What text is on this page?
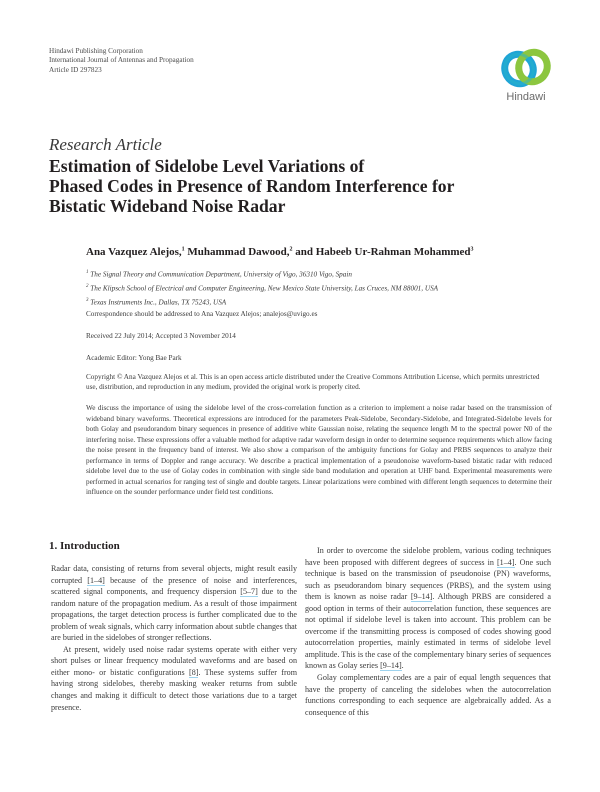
Hindawi Publishing Corporation
International Journal of Antennas and Propagation
Article ID 297823
Hindawi
Research Article
Estimation of Sidelobe Level Variations of
Phased Codes in Presence of Random Interference for
Bistatic Wideband Noise Radar
Ana Vazquez Alejos,$^1$ Muhammad Dawood,$^2$ and Habeeb Ur-Rahman Mohammed$^3$
$^1$ The Signal Theory and Communication Department, University of Vigo, 36310 Vigo, Spain
$^2$ The Klipsch School of Electrical and Computer Engineering, New Mexico State University, Las Cruces, NM 88001, USA
$^3$ Texas Instruments Inc., Dallas, TX 75243, USA
Correspondence should be addressed to Ana Vazquez Alejos; analejos@uvigo.es
Received 22 July 2014; Accepted 3 November 2014
Academic Editor: Yong Bae Park
Copyright © Ana Vazquez Alejos et al. This is an open access article distributed under the Creative Commons Attribution License, which permits unrestricted use, distribution, and reproduction in any medium, provided the original work is properly cited.
We discuss the importance of using the sidelobe level of the cross-correlation function as a criterion to implement a noise radar based on the transmission of wideband binary waveforms. Theoretical expressions are introduced for the parameters Peak-Sidelobe, Secondary-Sidelobe, and Integrated-Sidelobe levels for both Golay and pseudorandom binary sequences in presence of additive white Gaussian noise, relating the sequence length M to the spectral power N0 of the interfering noise. These expressions offer a valuable method for adaptive radar waveform design in order to determine sequence requirements which allow facing the noise present in the frequency band of interest. We also show a comparison of the ambiguity functions for Golay and PRBS sequences to analyze their performance in terms of Doppler and range accuracy. We describe a practical implementation of a pseudonoise waveform-based bistatic radar with reduced sidelobe level due to the use of Golay codes in combination with single side band modulation and operation at UHF band. Experimental measurements were performed in actual scenarios for ranging test of single and double targets. Linear polarizations were combined with different length sequences to determine their influence on the sounder performance under field test conditions.
1. Introduction

Radar data, consisting of returns from several objects, might result easily corrupted [1–4] because of the presence of noise and interferences, scattered signal components, and frequency dispersion [5–7] due to the random nature of the propagation medium. As a result of those impairment propagations, the target detection process is further complicated due to the problem of weak signals, which carry information about subtle changes that are buried in the sidelobes of stronger reflections.

At present, widely used noise radar systems operate with either very short pulses or linear frequency modulated waveforms and are based on either mono- or bistatic configurations [8]. These systems suffer from having strong sidelobes, thereby masking weaker returns from subtle changes and making it difficult to detect those variations due to a target presence.

In order to overcome the sidelobe problem, various coding techniques have been proposed with different degrees of success in [1–4]. One such technique is based on the transmission of pseudonoise (PN) waveforms, such as pseudorandom binary sequences (PRBS), and the system using them is known as noise radar [9–14]. Although PRBS are considered a good option in terms of their autocorrelation function, these sequences are not optimal if sidelobe level is taken into account. This problem can be overcome if the transmitting process is composed of codes showing good autocorrelation properties, mainly estimated in terms of sidelobe level amplitude. This is the case of the complementary binary series of sequences known as Golay series [9–14].

Golay complementary codes are a pair of equal length sequences that have the property of canceling the sidelobes when the autocorrelation functions corresponding to each sequence are algebraically added. As a consequence of this
